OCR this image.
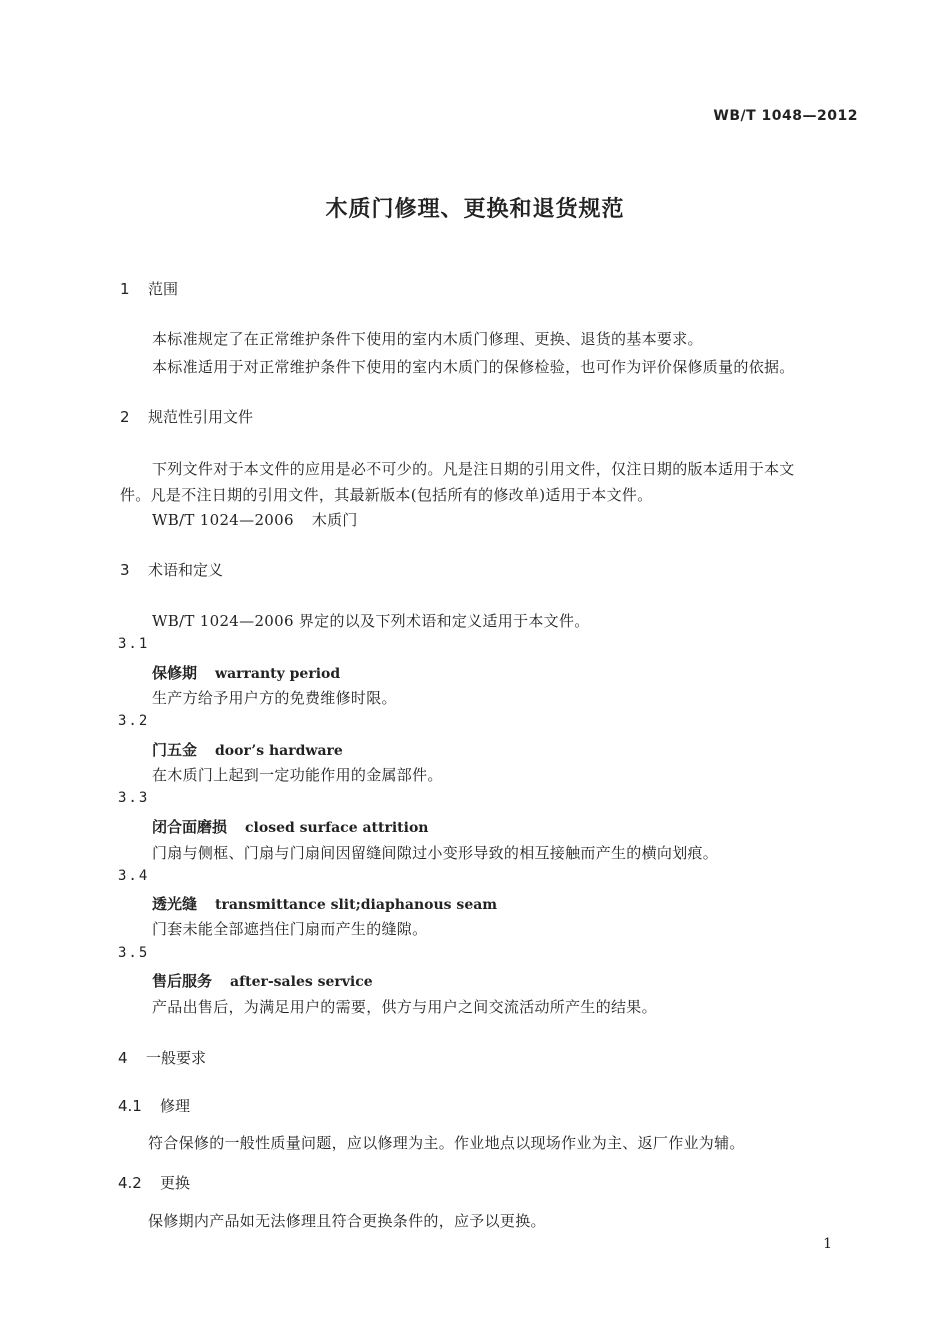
WB/T 1048—2012
木质门修理、更换和退货规范
1 范围
本标准规定了在正常维护条件下使用的室内木质门修理、更换、退货的基本要求。
本标准适用于对正常维护条件下使用的室内木质门的保修检验，也可作为评价保修质量的依据。
2 规范性引用文件
下列文件对于本文件的应用是必不可少的。凡是注日期的引用文件，仅注日期的版本适用于本文
件。凡是不注日期的引用文件，其最新版本(包括所有的修改单)适用于本文件。
WB/T 1024—2006 木质门
3 术语和定义
WB/T 1024—2006 界定的以及下列术语和定义适用于本文件。
3.1
保修期 warranty period
生产方给予用户方的免费维修时限。
3.2
门五金 door’s hardware
在木质门上起到一定功能作用的金属部件。
3.3
闭合面磨损 closed surface attrition
门扇与侧框、门扇与门扇间因留缝间隙过小变形导致的相互接触而产生的横向划痕。
3.4
透光缝 transmittance slit;diaphanous seam
门套未能全部遮挡住门扇而产生的缝隙。
3.5
售后服务 after-sales service
产品出售后，为满足用户的需要，供方与用户之间交流活动所产生的结果。
4 一般要求
4.1 修理
符合保修的一般性质量问题，应以修理为主。作业地点以现场作业为主、返厂作业为辅。
4.2 更换
保修期内产品如无法修理且符合更换条件的，应予以更换。
1
